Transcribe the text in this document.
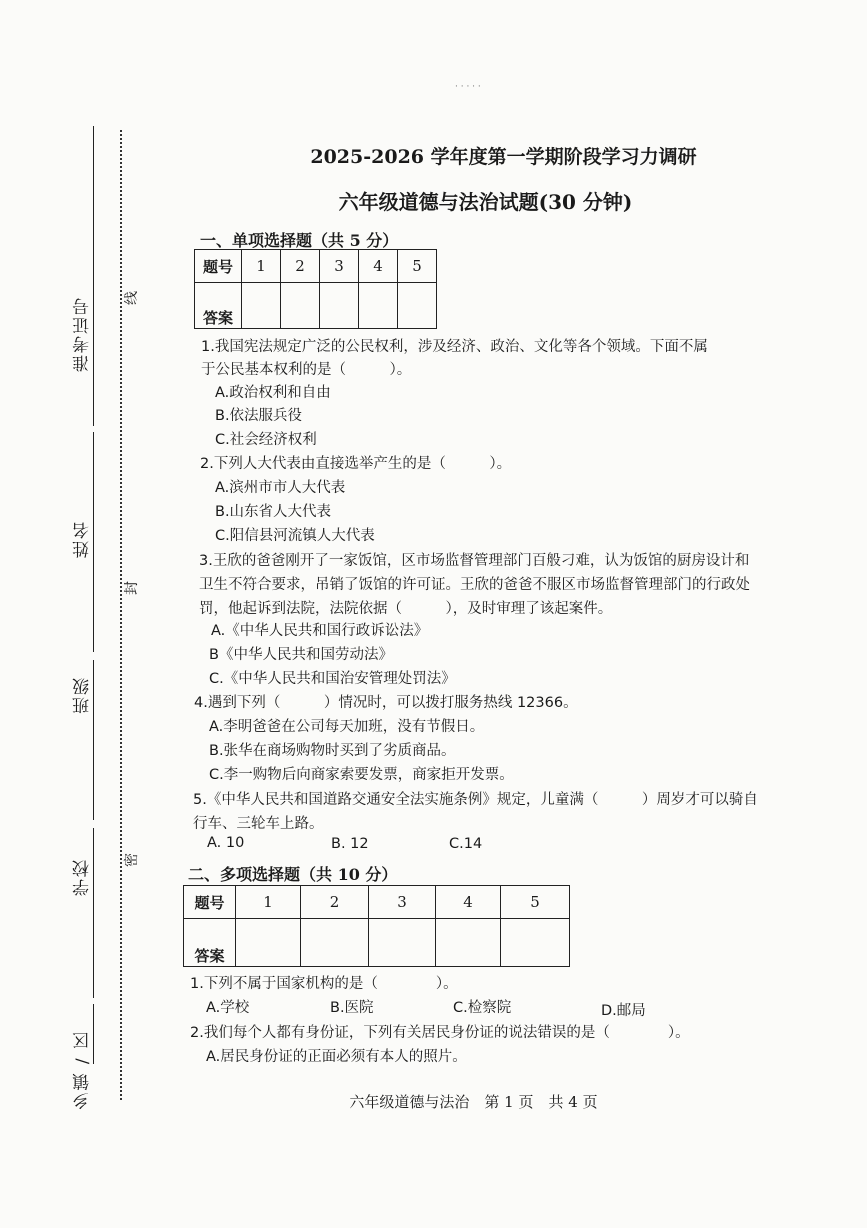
准考证号
姓名
班级
学校
乡镇 / 区
线
封
密
· · · · ·
2025-2026 学年度第一学期阶段学习力调研
六年级道德与法治试题(30 分钟)
一、单项选择题（共 5 分）
题号	1	2	3	4	5
答案					
1.我国宪法规定广泛的公民权利，涉及经济、政治、文化等各个领域。下面不属
于公民基本权利的是（　　　）。
A.政治权利和自由
B.依法服兵役
C.社会经济权利
2.下列人大代表由直接选举产生的是（　　　）。
A.滨州市市人大代表
B.山东省人大代表
C.阳信县河流镇人大代表
3.王欣的爸爸刚开了一家饭馆，区市场监督管理部门百般刁难，认为饭馆的厨房设计和
卫生不符合要求，吊销了饭馆的许可证。王欣的爸爸不服区市场监督管理部门的行政处
罚，他起诉到法院，法院依据（　　　），及时审理了该起案件。
A.《中华人民共和国行政诉讼法》
B《中华人民共和国劳动法》
C.《中华人民共和国治安管理处罚法》
4.遇到下列（　　　）情况时，可以拨打服务热线 12366。
A.李明爸爸在公司每天加班，没有节假日。
B.张华在商场购物时买到了劣质商品。
C.李一购物后向商家索要发票，商家拒开发票。
5.《中华人民共和国道路交通安全法实施条例》规定，儿童满（　　　）周岁才可以骑自
行车、三轮车上路。
A. 10	B. 12	C.14
二、多项选择题（共 10 分）
题号	1	2	3	4	5
答案					
1.下列不属于国家机构的是（　　　　）。
A.学校	B.医院	C.检察院	D.邮局
2.我们每个人都有身份证，下列有关居民身份证的说法错误的是（　　　　）。
A.居民身份证的正面必须有本人的照片。
六年级道德与法治　第 1 页　共 4 页
